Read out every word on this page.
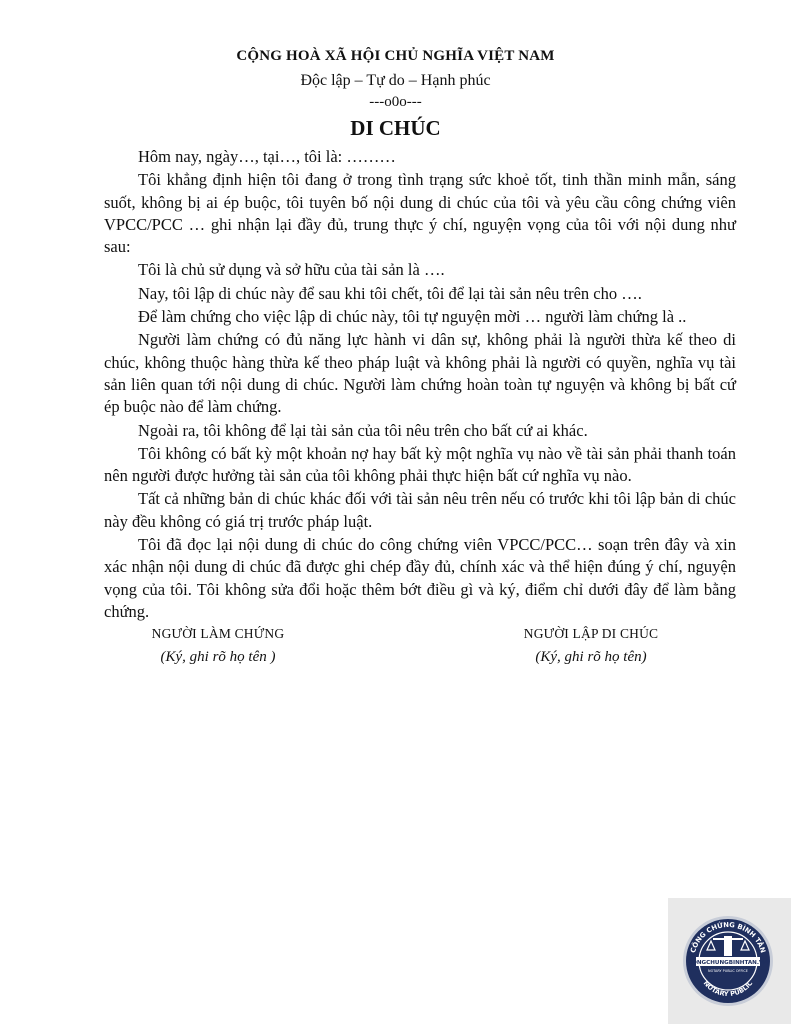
CỘNG HOÀ XÃ HỘI CHỦ NGHĨA VIỆT NAM
Độc lập – Tự do – Hạnh phúc
---o0o---
DI CHÚC

Hôm nay, ngày…, tại…, tôi là: ………

Tôi khẳng định hiện tôi đang ở trong tình trạng sức khoẻ tốt, tinh thần minh mẫn, sáng suốt, không bị ai ép buộc, tôi tuyên bố nội dung di chúc của tôi và yêu cầu công chứng viên VPCC/PCC … ghi nhận lại đầy đủ, trung thực ý chí, nguyện vọng của tôi với nội dung như sau:

Tôi là chủ sử dụng và sở hữu của tài sản là ….

Nay, tôi lập di chúc này để sau khi tôi chết, tôi để lại tài sản nêu trên cho ….

Để làm chứng cho việc lập di chúc này, tôi tự nguyện mời … người làm chứng là ..

Người làm chứng có đủ năng lực hành vi dân sự, không phải là người thừa kế theo di chúc, không thuộc hàng thừa kế theo pháp luật và không phải là người có quyền, nghĩa vụ tài sản liên quan tới nội dung di chúc. Người làm chứng hoàn toàn tự nguyện và không bị bất cứ ép buộc nào để làm chứng.

Ngoài ra, tôi không để lại tài sản của tôi nêu trên cho bất cứ ai khác.

Tôi không có bất kỳ một khoản nợ hay bất kỳ một nghĩa vụ nào về tài sản phải thanh toán nên người được hưởng tài sản của tôi không phải thực hiện bất cứ nghĩa vụ nào.

Tất cả những bản di chúc khác đối với tài sản nêu trên nếu có trước khi tôi lập bản di chúc này đều không có giá trị trước pháp luật.

Tôi đã đọc lại nội dung di chúc do công chứng viên VPCC/PCC… soạn trên đây và xin xác nhận nội dung di chúc đã được ghi chép đầy đủ, chính xác và thể hiện đúng ý chí, nguyện vọng của tôi. Tôi không sửa đổi hoặc thêm bớt điều gì và ký, điểm chỉ dưới đây để làm bằng chứng.

NGƯỜI LÀM CHỨNG
(Ký, ghi rõ họ tên )
NGƯỜI LẬP DI CHÚC
(Ký, ghi rõ họ tên)
CÔNG CHỨNG BÌNH TÂN
NOTARY PUBLIC
CONGCHUNGBINHTAN.VN
NOTARY PUBLIC OFFICE
